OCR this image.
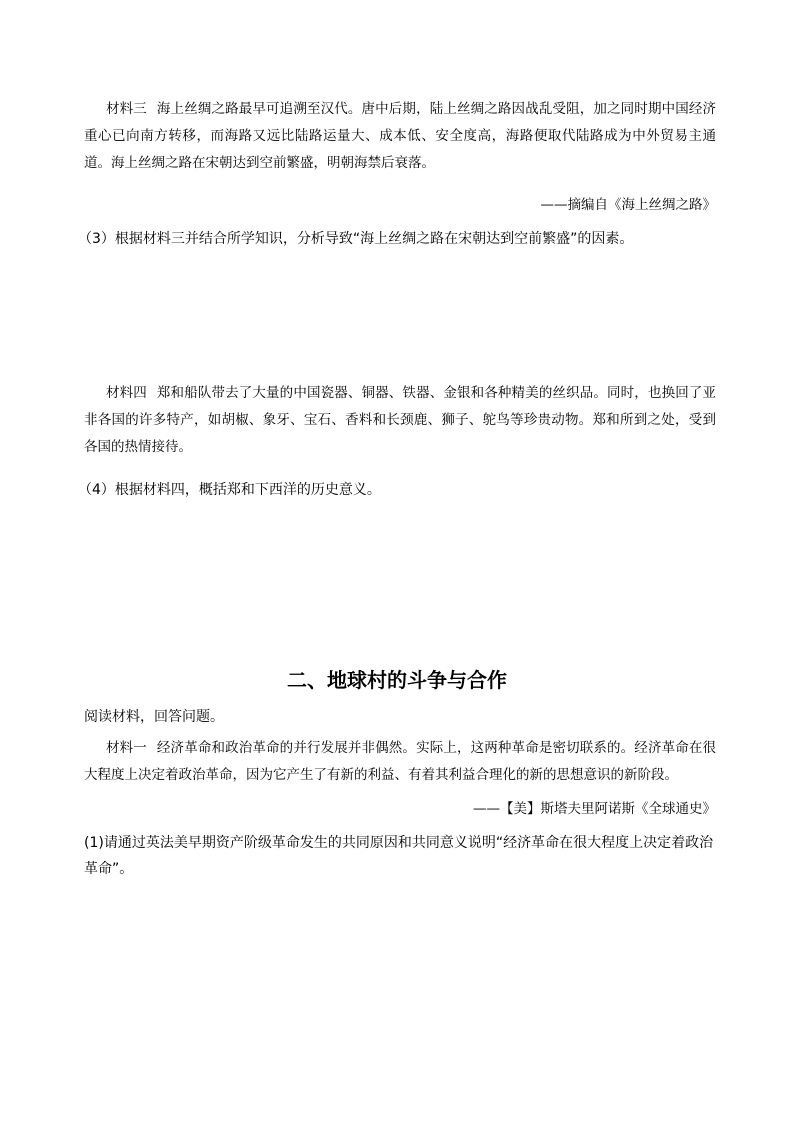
材料三 海上丝绸之路最早可追溯至汉代。唐中后期，陆上丝绸之路因战乱受阻，加之同时期中国经济重心已向南方转移，而海路又远比陆路运量大、成本低、安全度高，海路便取代陆路成为中外贸易主通道。海上丝绸之路在宋朝达到空前繁盛，明朝海禁后衰落。

——摘编自《海上丝绸之路》

（3）根据材料三并结合所学知识，分析导致“海上丝绸之路在宋朝达到空前繁盛”的因素。

材料四 郑和船队带去了大量的中国瓷器、铜器、铁器、金银和各种精美的丝织品。同时，也换回了亚非各国的许多特产，如胡椒、象牙、宝石、香料和长颈鹿、狮子、鸵鸟等珍贵动物。郑和所到之处，受到各国的热情接待。

（4）根据材料四，概括郑和下西洋的历史意义。

二、地球村的斗争与合作

阅读材料，回答问题。

材料一 经济革命和政治革命的并行发展并非偶然。实际上，这两种革命是密切联系的。经济革命在很大程度上决定着政治革命，因为它产生了有新的利益、有着其利益合理化的新的思想意识的新阶段。

——【美】斯塔夫里阿诺斯《全球通史》

(1)请通过英法美早期资产阶级革命发生的共同原因和共同意义说明“经济革命在很大程度上决定着政治革命”。
